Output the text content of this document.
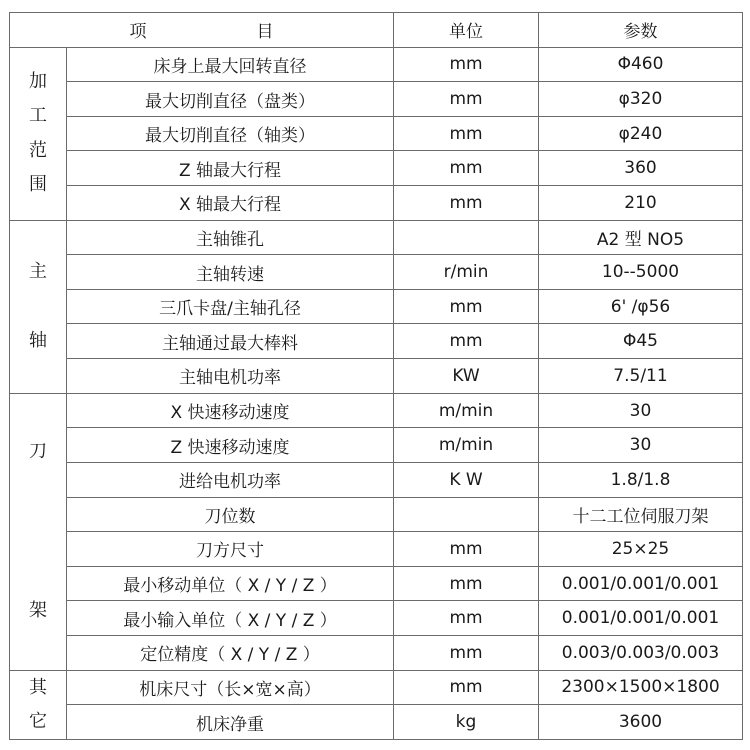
项 目		单位	参数

加
工
范
围	床身上最大回转直径	mm	Φ460
	最大切削直径（盘类）	mm	φ320
	最大切削直径（轴类）	mm	φ240
	Z 轴最大行程	mm	360
	X 轴最大行程	mm	210

主
轴	主轴锥孔		A2 型 NO5
	主轴转速	r/min	10--5000
	三爪卡盘/主轴孔径	mm	6' /φ56
	主轴通过最大棒料	mm	Φ45
	主轴电机功率	KW	7.5/11

刀
架	X 快速移动速度	m/min	30
	Z 快速移动速度	m/min	30
	进给电机功率	K W	1.8/1.8
	刀位数		十二工位伺服刀架
	刀方尺寸	mm	25×25
	最小移动单位（ X / Y / Z ）	mm	0.001/0.001/0.001
	最小输入单位（ X / Y / Z ）	mm	0.001/0.001/0.001
	定位精度（ X / Y / Z ）	mm	0.003/0.003/0.003

其
它	机床尺寸（长×宽×高）	mm	2300×1500×1800
	机床净重	kg	3600
